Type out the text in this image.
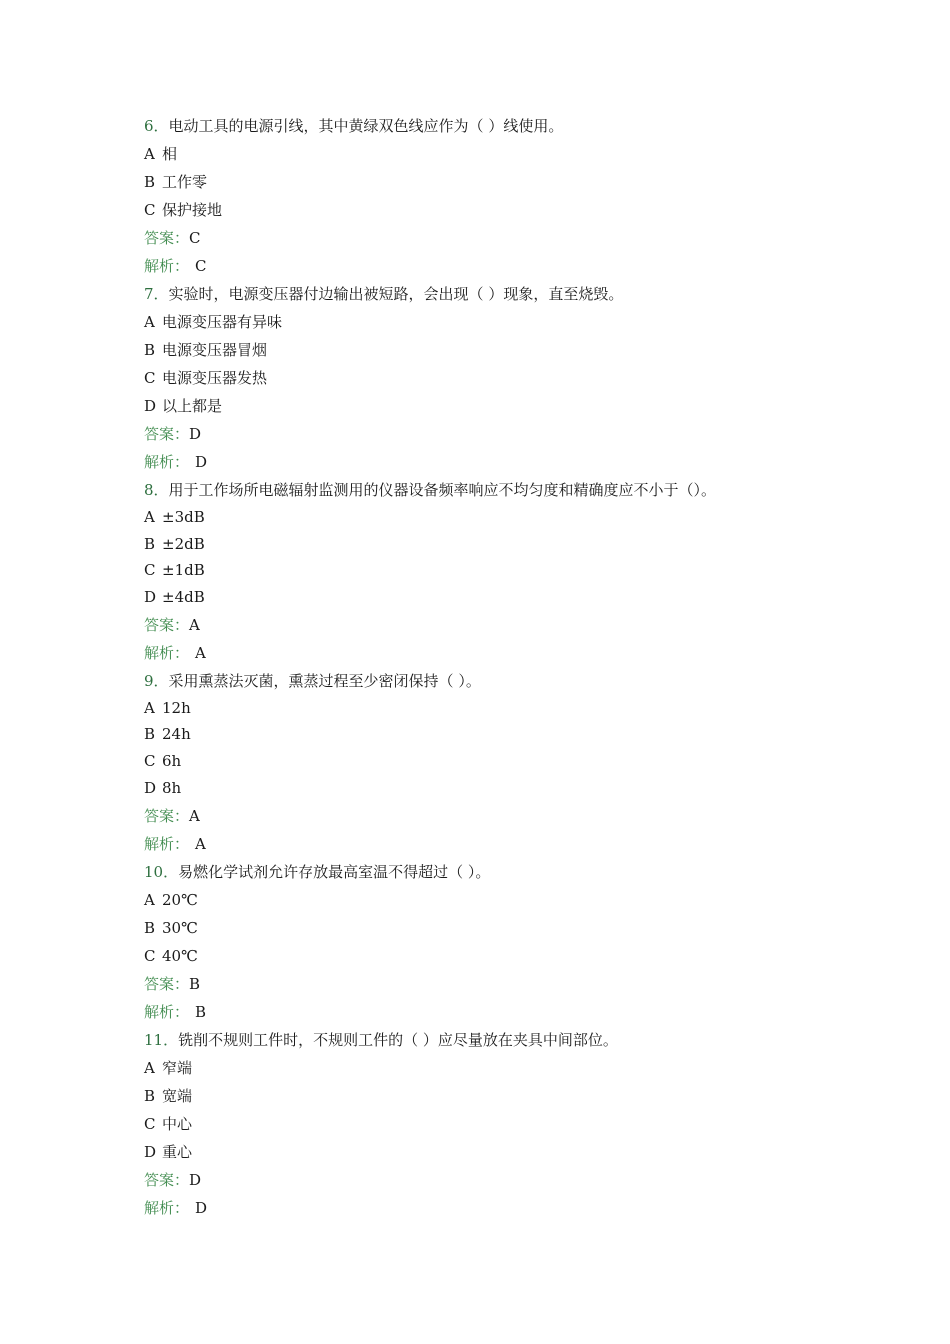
6．电动工具的电源引线，其中黄绿双色线应作为（ ）线使用。
A 相
B 工作零
C 保护接地
答案：C
解析： C
7．实验时，电源变压器付边输出被短路，会出现（ ）现象，直至烧毁。
A 电源变压器有异味
B 电源变压器冒烟
C 电源变压器发热
D 以上都是
答案：D
解析： D
8．用于工作场所电磁辐射监测用的仪器设备频率响应不均匀度和精确度应不小于（）。
A ±3dB
B ±2dB
C ±1dB
D ±4dB
答案：A
解析： A
9．采用熏蒸法灭菌，熏蒸过程至少密闭保持（ ）。
A 12h
B 24h
C 6h
D 8h
答案：A
解析： A
10．易燃化学试剂允许存放最高室温不得超过（ ）。
A 20℃
B 30℃
C 40℃
答案：B
解析： B
11．铣削不规则工件时，不规则工件的（ ）应尽量放在夹具中间部位。
A 窄端
B 宽端
C 中心
D 重心
答案：D
解析： D
